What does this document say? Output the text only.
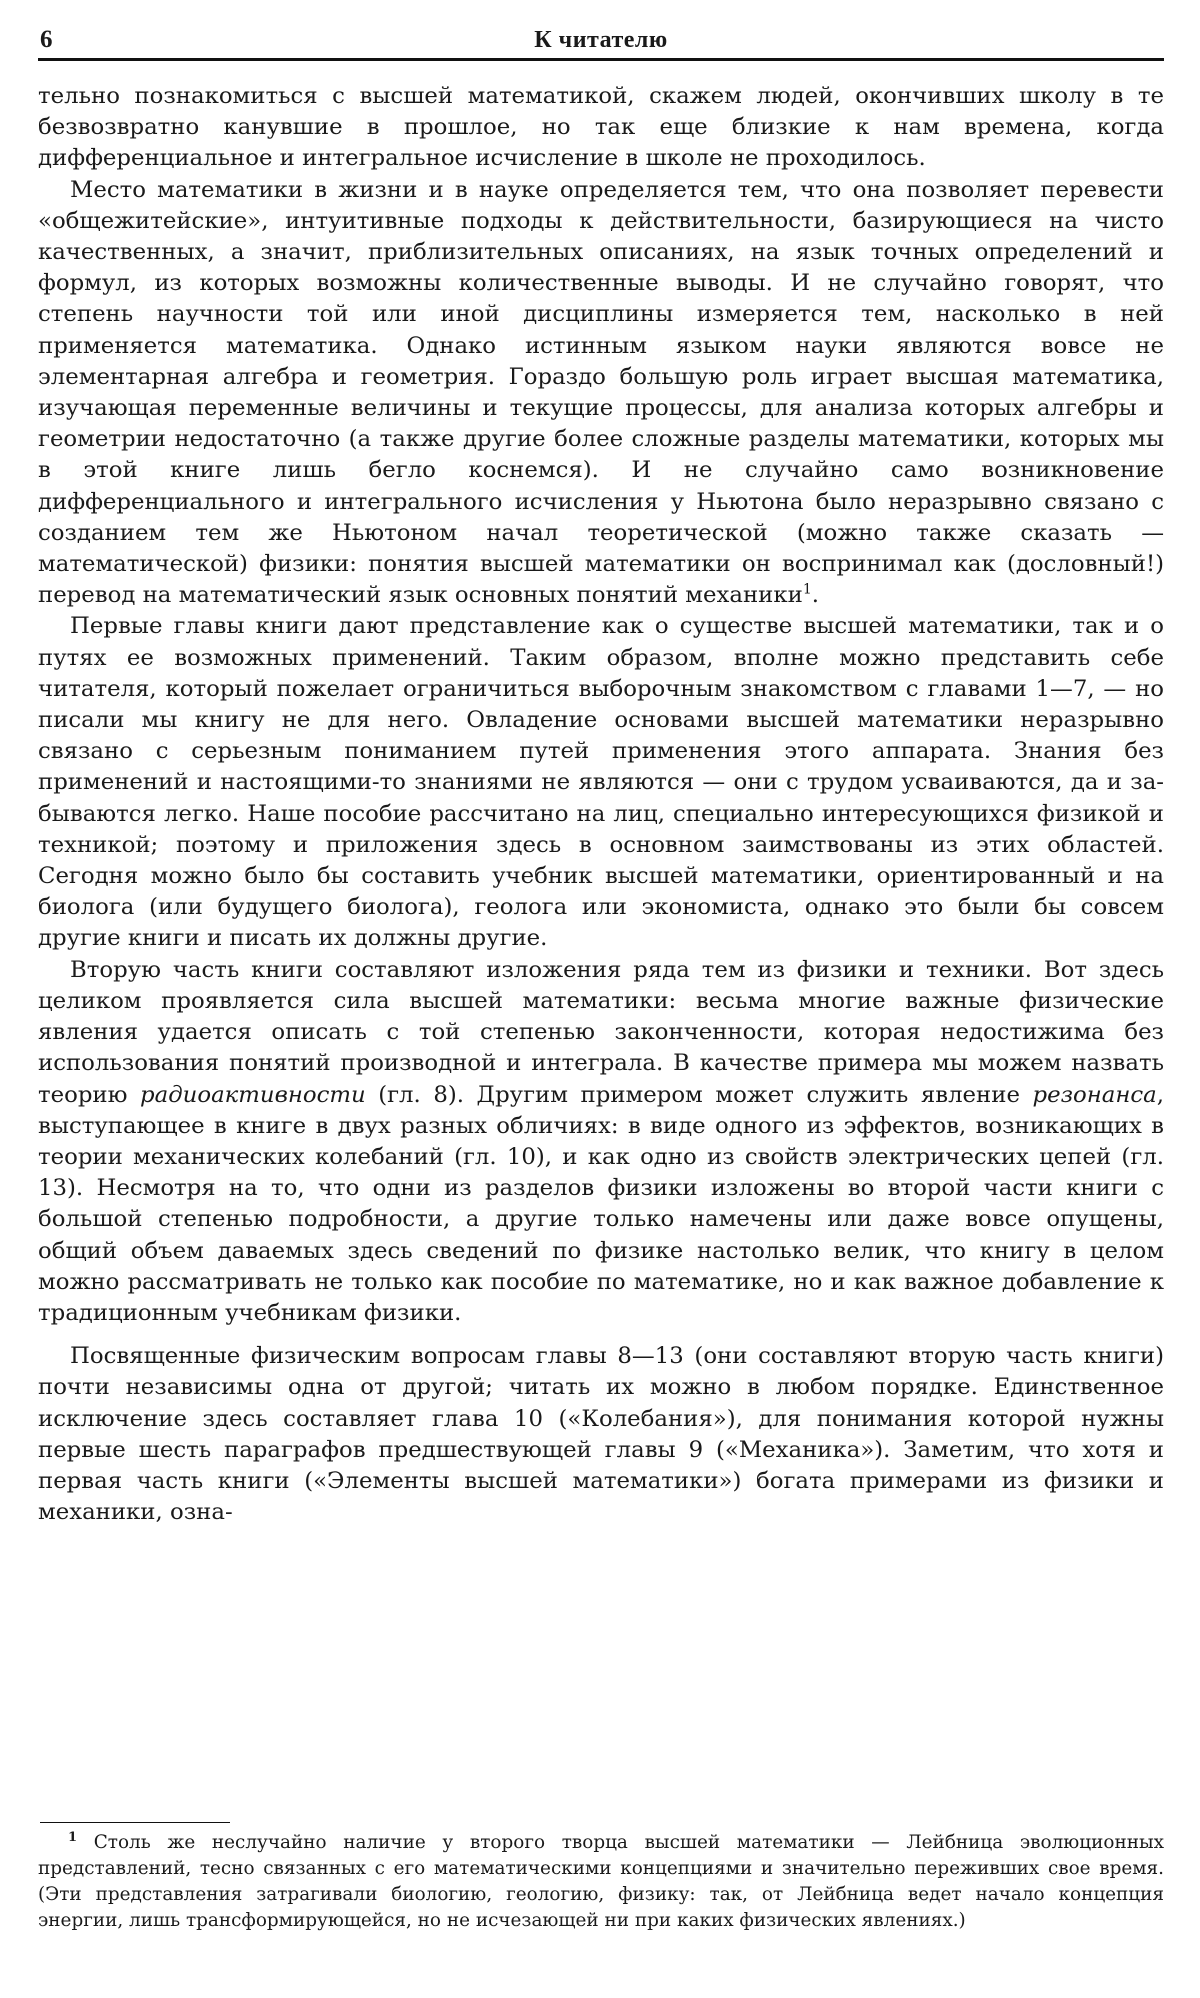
6	К читателю

тельно познакомиться с высшей математикой, скажем людей, окончивших школу в те безвозвратно канувшие в прошлое, но так еще близкие к нам времена, когда дифференциальное и интегральное исчисление в школе не проходилось.

Место математики в жизни и в науке определяется тем, что она позволяет перевести «общежитейские», интуитивные подходы к действительности, базирующиеся на чисто качественных, а значит, приблизительных описаниях, на язык точных определений и формул, из которых возможны количественные выводы. И не случайно говорят, что степень научности той или иной дисциплины измеряется тем, насколько в ней применяется математика. Однако истинным языком науки являются вовсе не элементарная алгебра и геометрия. Гораздо большую роль играет высшая математика, изучающая переменные величины и текущие процессы, для анализа которых алгебры и геометрии недостаточно (а также другие более сложные разделы математики, которых мы в этой книге лишь бегло коснемся). И не случайно само возникновение дифференциального и интегрального исчисления у Ньютона было неразрывно связано с созданием тем же Ньютоном начал теоретической (можно также сказать — математической) физики: понятия высшей математики он воспринимал как (дословный!) перевод на математический язык основных понятий механики$^1$.

Первые главы книги дают представление как о существе высшей математики, так и о путях ее возможных применений. Таким образом, вполне можно представить себе читателя, который пожелает ограничиться выборочным знакомством с главами 1—7, — но писали мы книгу не для него. Овладение основами высшей математики неразрывно связано с серьезным пониманием путей применения этого аппарата. Знания без применений и настоящими-то знаниями не являются — они с трудом усваиваются, да и забываются легко. Наше пособие рассчитано на лиц, специально интересующихся физикой и техникой; поэтому и приложения здесь в основном заимствованы из этих областей. Сегодня можно было бы составить учебник высшей математики, ориентированный и на биолога (или будущего биолога), геолога или экономиста, однако это были бы совсем другие книги и писать их должны другие.

Вторую часть книги составляют изложения ряда тем из физики и техники. Вот здесь целиком проявляется сила высшей математики: весьма многие важные физические явления удается описать с той степенью законченности, которая недостижима без использования понятий производной и интеграла. В качестве примера мы можем назвать теорию радиоактивности (гл. 8). Другим примером может служить явление резонанса, выступающее в книге в двух разных обличиях: в виде одного из эффектов, возникающих в теории механических колебаний (гл. 10), и как одно из свойств электрических цепей (гл. 13). Несмотря на то, что одни из разделов физики изложены во второй части книги с большой степенью подробности, а другие только намечены или даже вовсе опущены, общий объем даваемых здесь сведений по физике настолько велик, что книгу в целом можно рассматривать не только как пособие по математике, но и как важное добавление к традиционным учебникам физики.

Посвященные физическим вопросам главы 8—13 (они составляют вторую часть книги) почти независимы одна от другой; читать их можно в любом порядке. Единственное исключение здесь составляет глава 10 («Колебания»), для понимания которой нужны первые шесть параграфов предшествующей главы 9 («Механика»). Заметим, что хотя и первая часть книги («Элементы высшей математики») богата примерами из физики и механики, озна-

$^1$ Столь же неслучайно наличие у второго творца высшей математики — Лейбница эволюционных представлений, тесно связанных с его математическими концепциями и значительно переживших свое время. (Эти представления затрагивали биологию, геологию, физику: так, от Лейбница ведет начало концепция энергии, лишь трансформирующейся, но не исчезающей ни при каких физических явлениях.)
